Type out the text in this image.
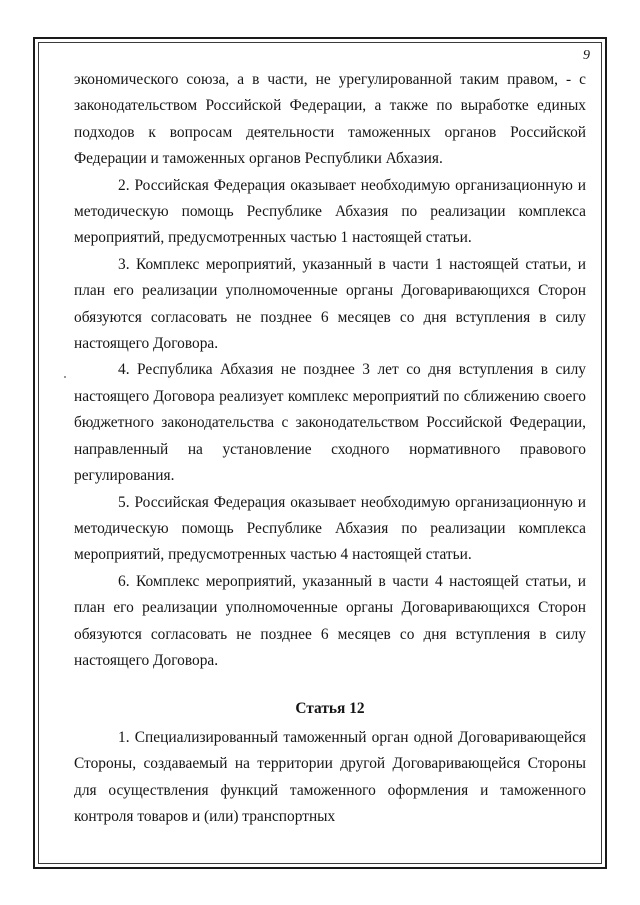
9

экономического союза, а в части, не урегулированной таким правом, - с законодательством Российской Федерации, а также по выработке единых подходов к вопросам деятельности таможенных органов Российской Федерации и таможенных органов Республики Абхазия.

2. Российская Федерация оказывает необходимую организационную и методическую помощь Республике Абхазия по реализации комплекса мероприятий, предусмотренных частью 1 настоящей статьи.

3. Комплекс мероприятий, указанный в части 1 настоящей статьи, и план его реализации уполномоченные органы Договаривающихся Сторон обязуются согласовать не позднее 6 месяцев со дня вступления в силу настоящего Договора.

4. Республика Абхазия не позднее 3 лет со дня вступления в силу настоящего Договора реализует комплекс мероприятий по сближению своего бюджетного законодательства с законодательством Российской Федерации, направленный на установление сходного нормативного правового регулирования.

5. Российская Федерация оказывает необходимую организационную и методическую помощь Республике Абхазия по реализации комплекса мероприятий, предусмотренных частью 4 настоящей статьи.

6. Комплекс мероприятий, указанный в части 4 настоящей статьи, и план его реализации уполномоченные органы Договаривающихся Сторон обязуются согласовать не позднее 6 месяцев со дня вступления в силу настоящего Договора.

Статья 12

1. Специализированный таможенный орган одной Договаривающейся Стороны, создаваемый на территории другой Договаривающейся Стороны для осуществления функций таможенного оформления и таможенного контроля товаров и (или) транспортных
